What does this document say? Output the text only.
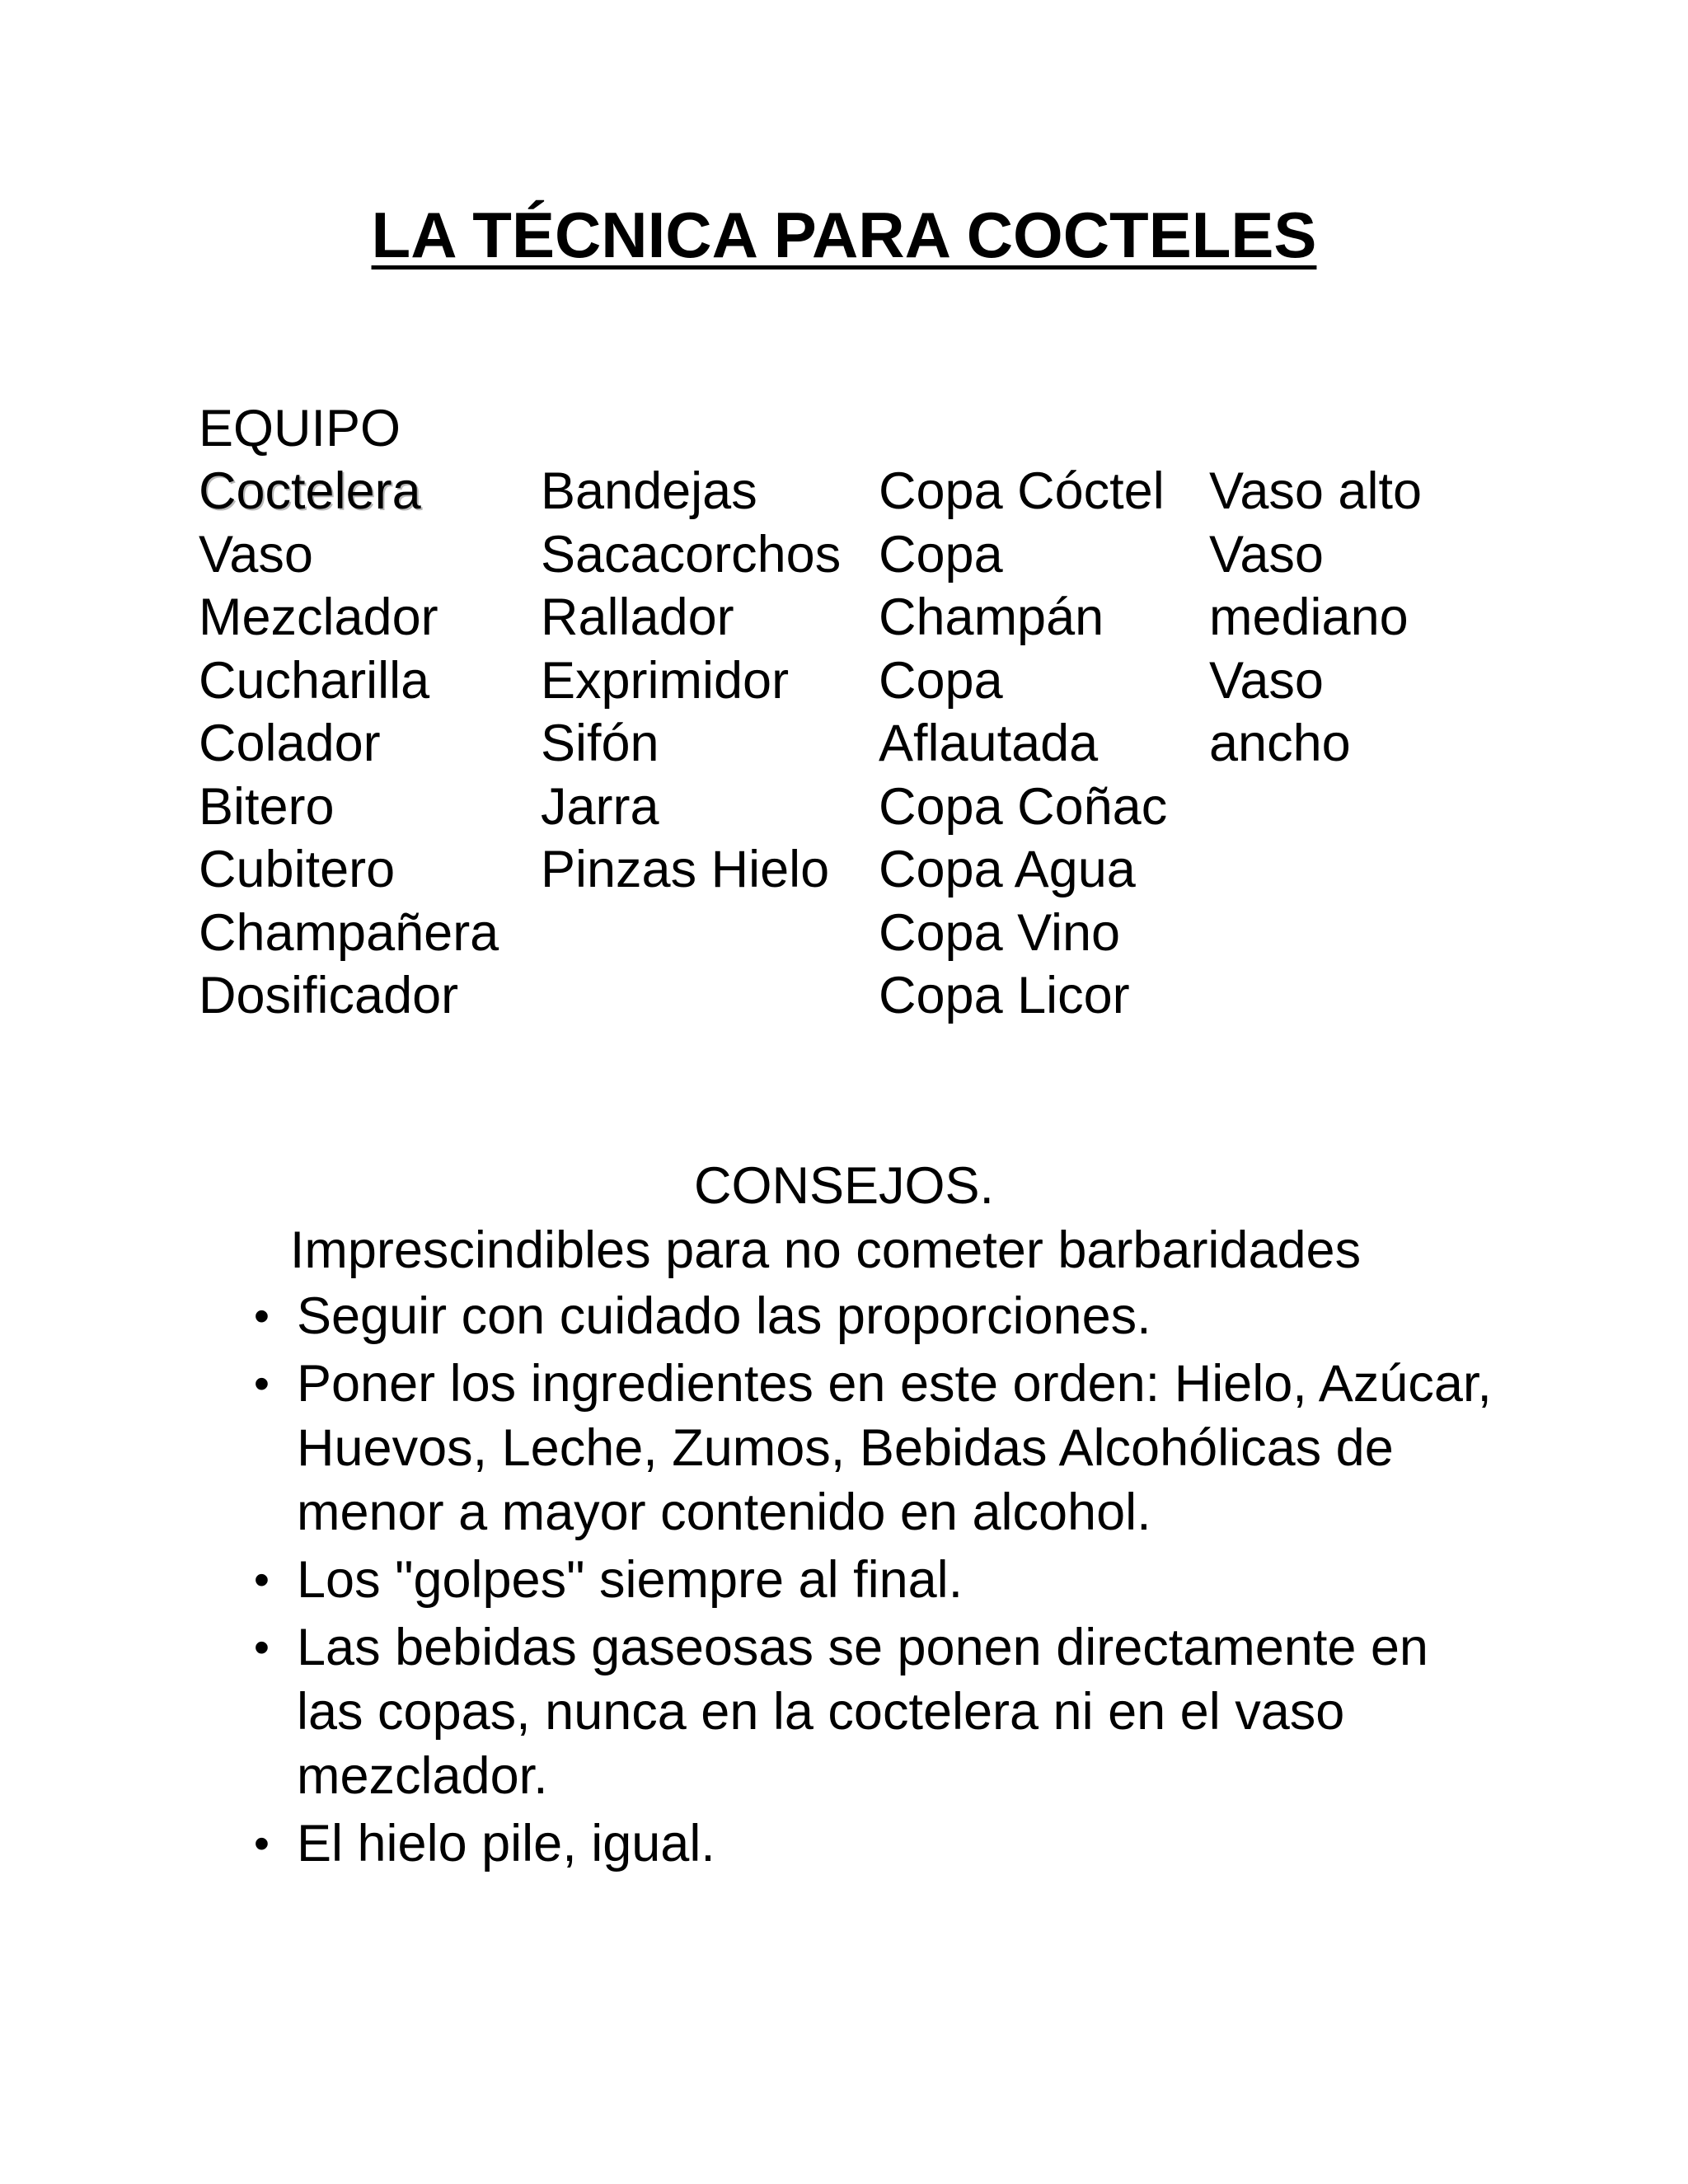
LA TÉCNICA PARA COCTELES
EQUIPO
Coctelera
Vaso
Mezclador
Cucharilla
Colador
Bitero
Cubitero
Champañera
Dosificador
Bandejas
Sacacorchos
Rallador
Exprimidor
Sifón
Jarra
Pinzas Hielo
Copa Cóctel
Copa
Champán
Copa
Aflautada
Copa Coñac
Copa Agua
Copa Vino
Copa Licor
Vaso alto
Vaso
mediano
Vaso
ancho
CONSEJOS.

Imprescindibles para no cometer barbaridades

• Seguir con cuidado las proporciones.
• Poner los ingredientes en este orden: Hielo, Azúcar, Huevos, Leche, Zumos, Bebidas Alcohólicas de menor a mayor contenido en alcohol.
• Los "golpes" siempre al final.
• Las bebidas gaseosas se ponen directamente en las copas, nunca en la coctelera ni en el vaso mezclador.
• El hielo pile, igual.
